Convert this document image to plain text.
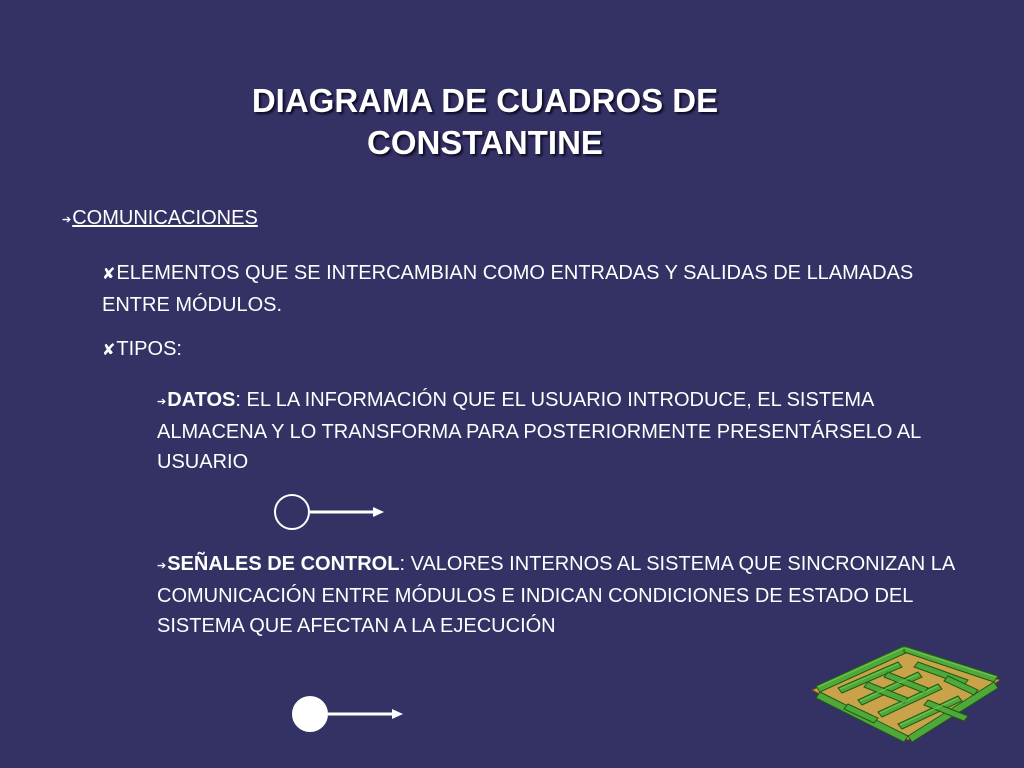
DIAGRAMA DE CUADROS DE
CONSTANTINE
➔COMUNICACIONES
✘ELEMENTOS QUE SE INTERCAMBIAN COMO ENTRADAS Y SALIDAS DE LLAMADAS ENTRE MÓDULOS.
✘TIPOS:
➔DATOS: EL LA INFORMACIÓN QUE EL USUARIO INTRODUCE, EL SISTEMA ALMACENA Y LO TRANSFORMA PARA POSTERIORMENTE PRESENTÁRSELO AL USUARIO
➔SEÑALES DE CONTROL: VALORES INTERNOS AL SISTEMA QUE SINCRONIZAN LA COMUNICACIÓN ENTRE MÓDULOS E INDICAN CONDICIONES DE ESTADO DEL SISTEMA QUE AFECTAN A LA EJECUCIÓN
